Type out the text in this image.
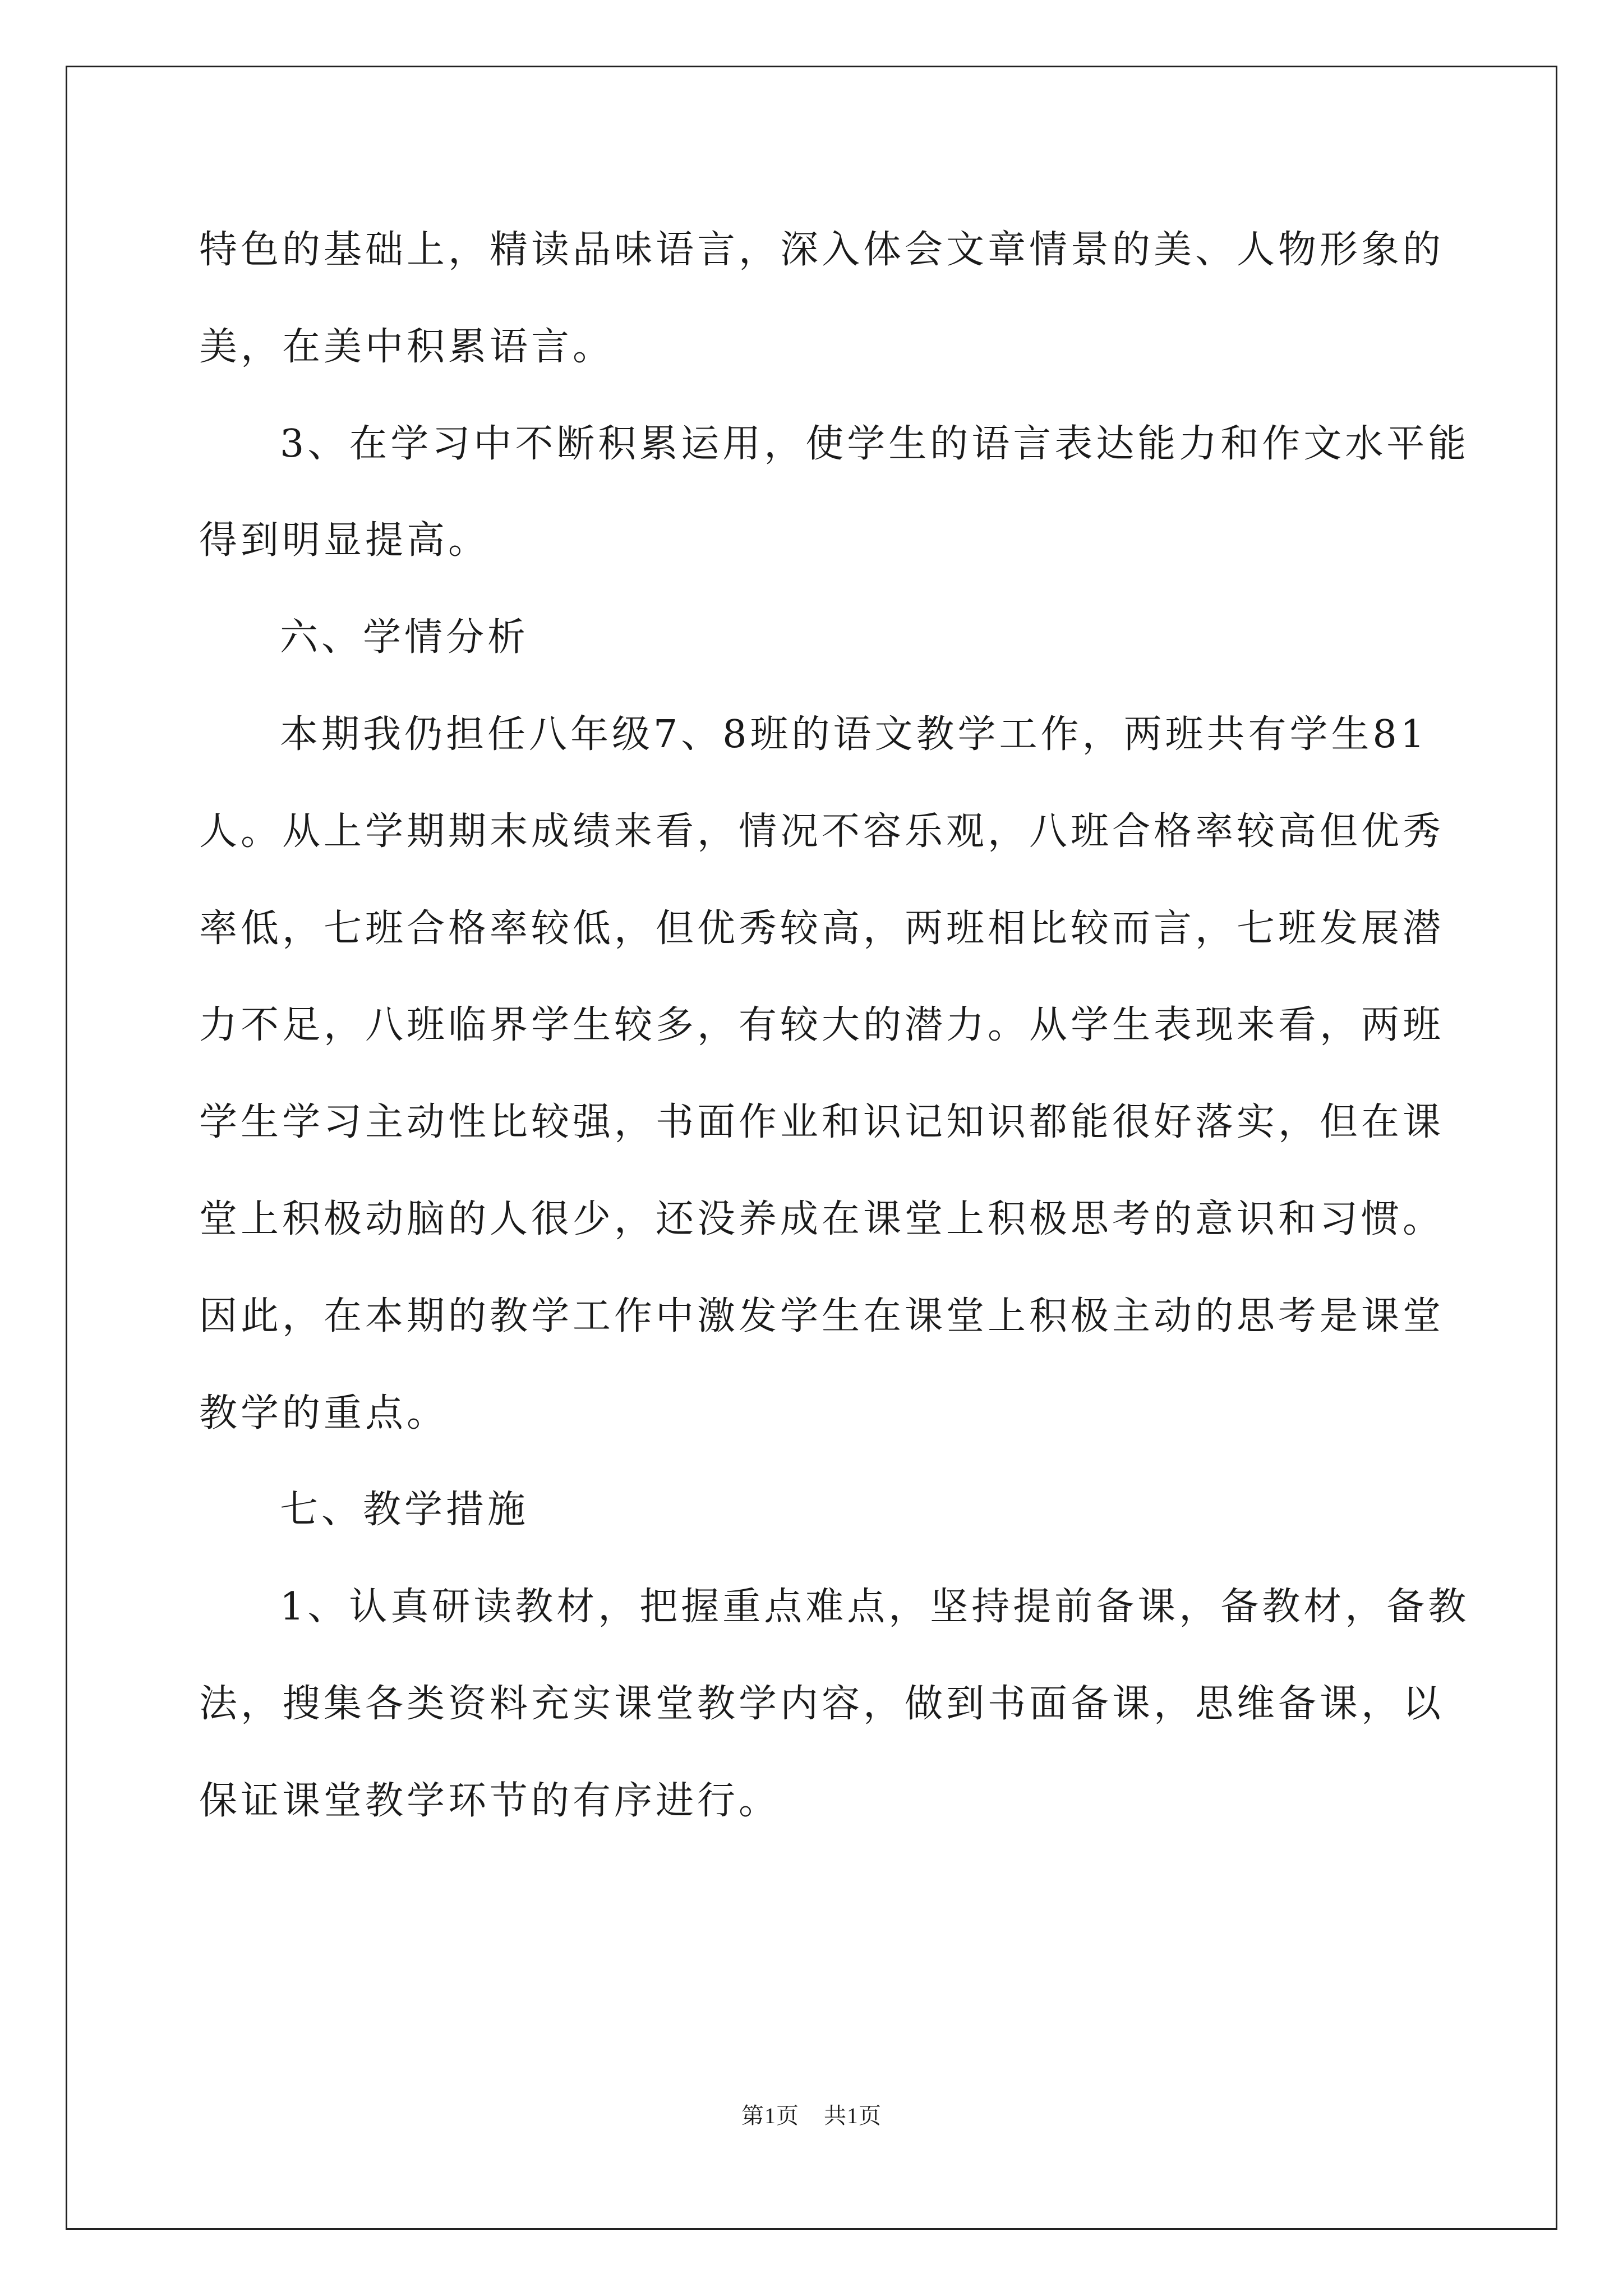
特色的基础上，精读品味语言，深入体会文章情景的美、人物形象的
美，在美中积累语言。
3、在学习中不断积累运用，使学生的语言表达能力和作文水平能
得到明显提高。
六、学情分析
本期我仍担任八年级7、8班的语文教学工作，两班共有学生81
人。从上学期期末成绩来看，情况不容乐观，八班合格率较高但优秀
率低，七班合格率较低，但优秀较高，两班相比较而言，七班发展潜
力不足，八班临界学生较多，有较大的潜力。从学生表现来看，两班
学生学习主动性比较强，书面作业和识记知识都能很好落实，但在课
堂上积极动脑的人很少，还没养成在课堂上积极思考的意识和习惯。
因此，在本期的教学工作中激发学生在课堂上积极主动的思考是课堂
教学的重点。
七、教学措施
1、认真研读教材，把握重点难点，坚持提前备课，备教材，备教
法，搜集各类资料充实课堂教学内容，做到书面备课，思维备课，以
保证课堂教学环节的有序进行。
第1页 共1页
